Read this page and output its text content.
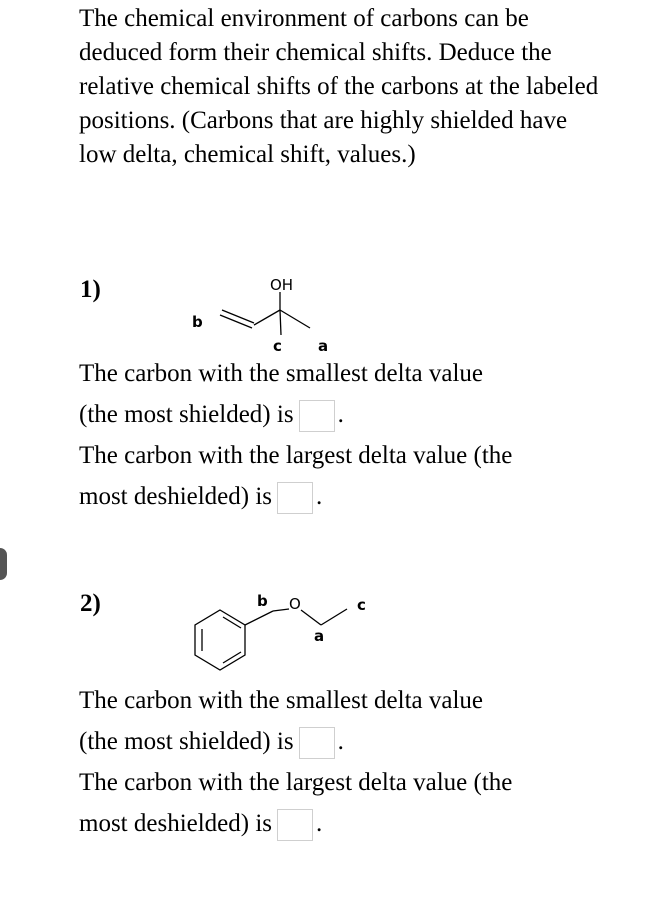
The chemical environment of carbons can be deduced form their chemical shifts. Deduce the relative chemical shifts of the carbons at the labeled positions. (Carbons that are highly shielded have low delta, chemical shift, values.)

1)	OH
b
c a
The carbon with the smallest delta value
(the most shielded) is .
The carbon with the largest delta value (the
most deshielded) is .
2)	b O
a
c
The carbon with the smallest delta value
(the most shielded) is .
The carbon with the largest delta value (the
most deshielded) is .
